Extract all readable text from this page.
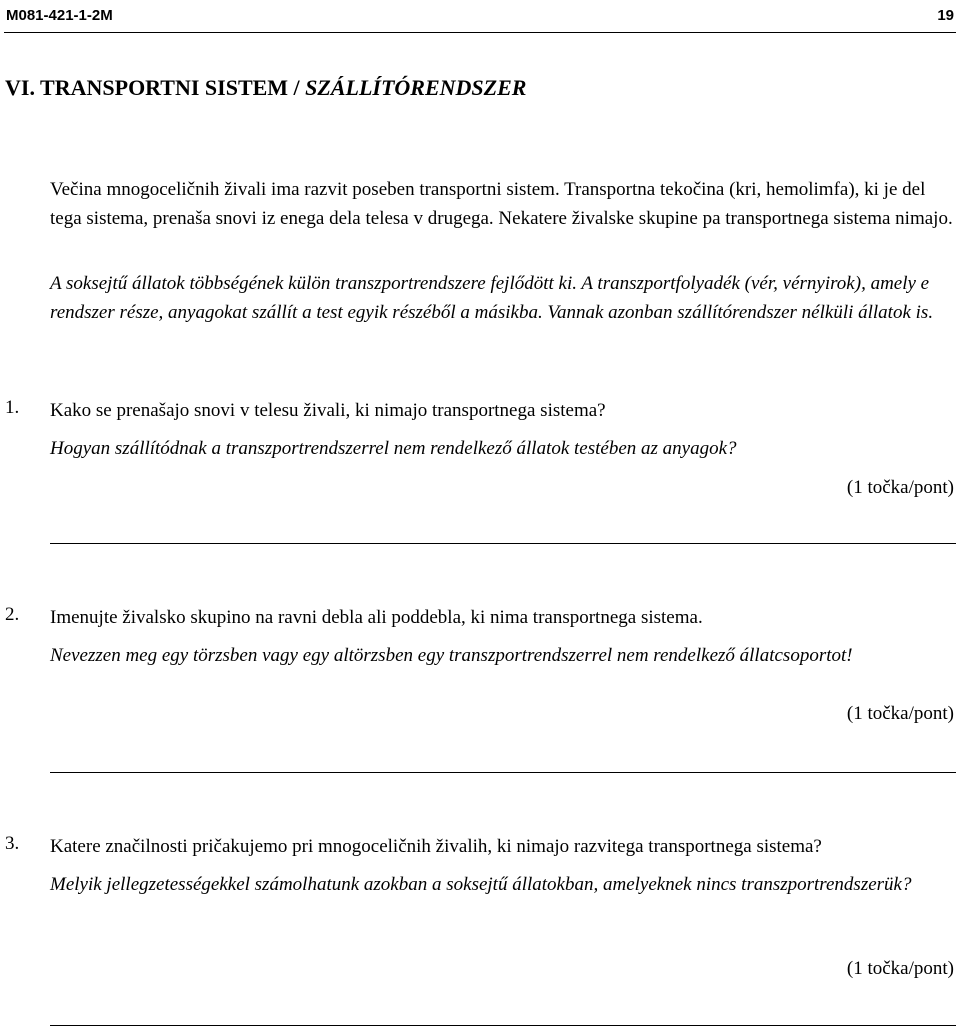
M081-421-1-2M	19
VI. TRANSPORTNI SISTEM / SZÁLLÍTÓRENDSZER

Večina mnogoceličnih živali ima razvit poseben transportni sistem. Transportna tekočina (kri, hemolimfa), ki je del tega sistema, prenaša snovi iz enega dela telesa v drugega. Nekatere živalske skupine pa transportnega sistema nimajo.

A soksejtű állatok többségének külön transzportrendszere fejlődött ki. A transzportfolyadék (vér, vérnyirok), amely e rendszer része, anyagokat szállít a test egyik részéből a másikba. Vannak azonban szállítórendszer nélküli állatok is.

1. Kako se prenašajo snovi v telesu živali, ki nimajo transportnega sistema?

Hogyan szállítódnak a transzportrendszerrel nem rendelkező állatok testében az anyagok?

(1 točka/pont)
2. Imenujte živalsko skupino na ravni debla ali poddebla, ki nima transportnega sistema.

Nevezzen meg egy törzsben vagy egy altörzsben egy transzportrendszerrel nem rendelkező állatcsoportot!

(1 točka/pont)
3. Katere značilnosti pričakujemo pri mnogoceličnih živalih, ki nimajo razvitega transportnega sistema?

Melyik jellegzetességekkel számolhatunk azokban a soksejtű állatokban, amelyeknek nincs transzportrendszerük?

(1 točka/pont)
